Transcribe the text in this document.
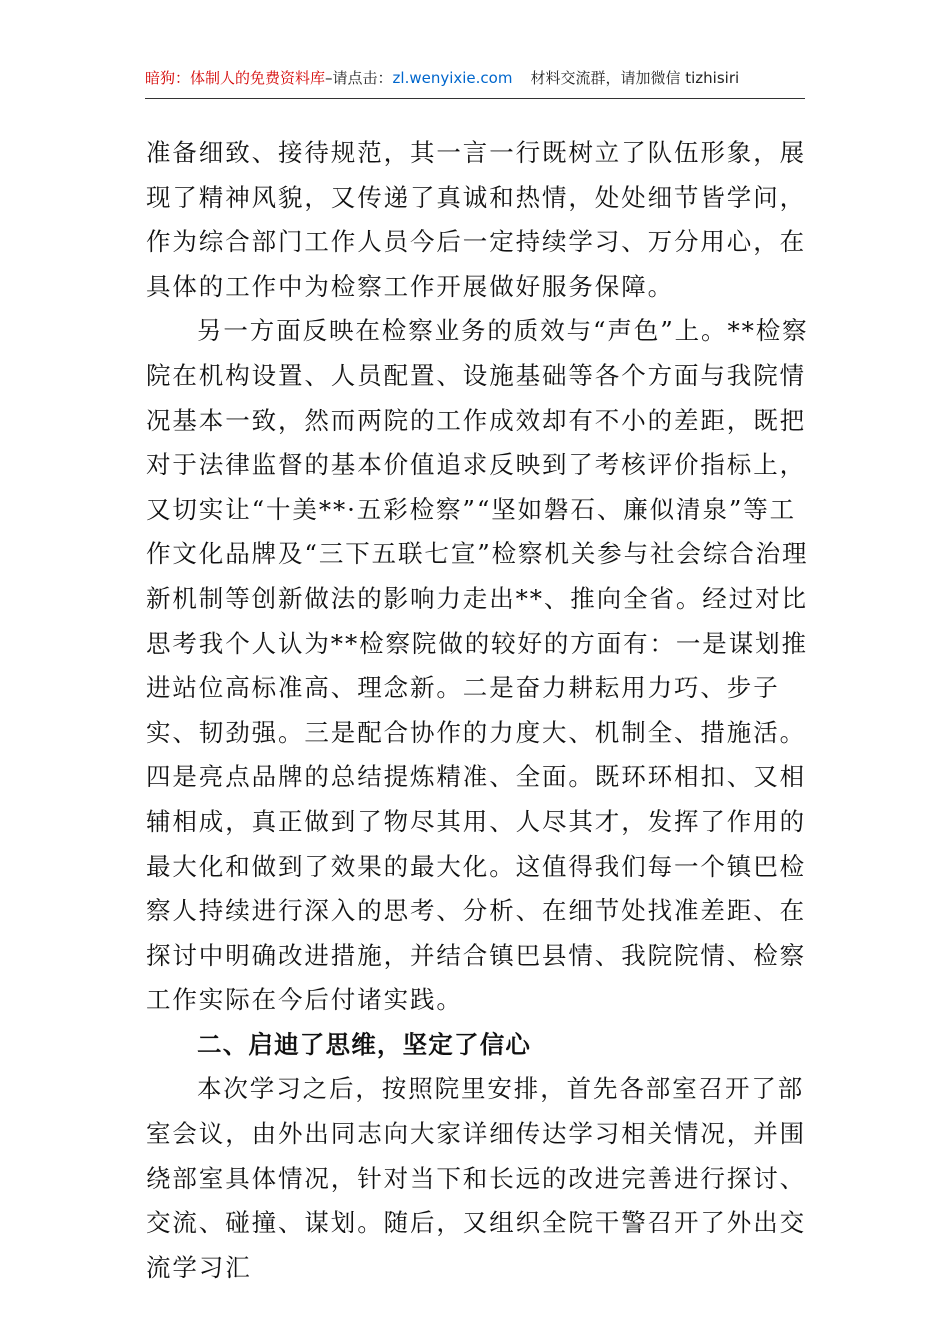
暗狗：体制人的免费资料库–请点击：zl.wenyixie.com 材料交流群，请加微信 tizhisiri

准备细致、接待规范，其一言一行既树立了队伍形象，展现了精神风貌，又传递了真诚和热情，处处细节皆学问，作为综合部门工作人员今后一定持续学习、万分用心，在具体的工作中为检察工作开展做好服务保障。

另一方面反映在检察业务的质效与“声色”上。**检察院在机构设置、人员配置、设施基础等各个方面与我院情况基本一致，然而两院的工作成效却有不小的差距，既把对于法律监督的基本价值追求反映到了考核评价指标上，又切实让“十美**·五彩检察”“坚如磐石、廉似清泉”等工作文化品牌及“三下五联七宣”检察机关参与社会综合治理新机制等创新做法的影响力走出**、推向全省。经过对比思考我个人认为**检察院做的较好的方面有：一是谋划推进站位高标准高、理念新。二是奋力耕耘用力巧、步子实、韧劲强。三是配合协作的力度大、机制全、措施活。四是亮点品牌的总结提炼精准、全面。既环环相扣、又相辅相成，真正做到了物尽其用、人尽其才，发挥了作用的最大化和做到了效果的最大化。这值得我们每一个镇巴检察人持续进行深入的思考、分析、在细节处找准差距、在探讨中明确改进措施，并结合镇巴县情、我院院情、检察工作实际在今后付诸实践。

二、启迪了思维，坚定了信心

本次学习之后，按照院里安排，首先各部室召开了部室会议，由外出同志向大家详细传达学习相关情况，并围绕部室具体情况，针对当下和长远的改进完善进行探讨、交流、碰撞、谋划。随后，又组织全院干警召开了外出交流学习汇
